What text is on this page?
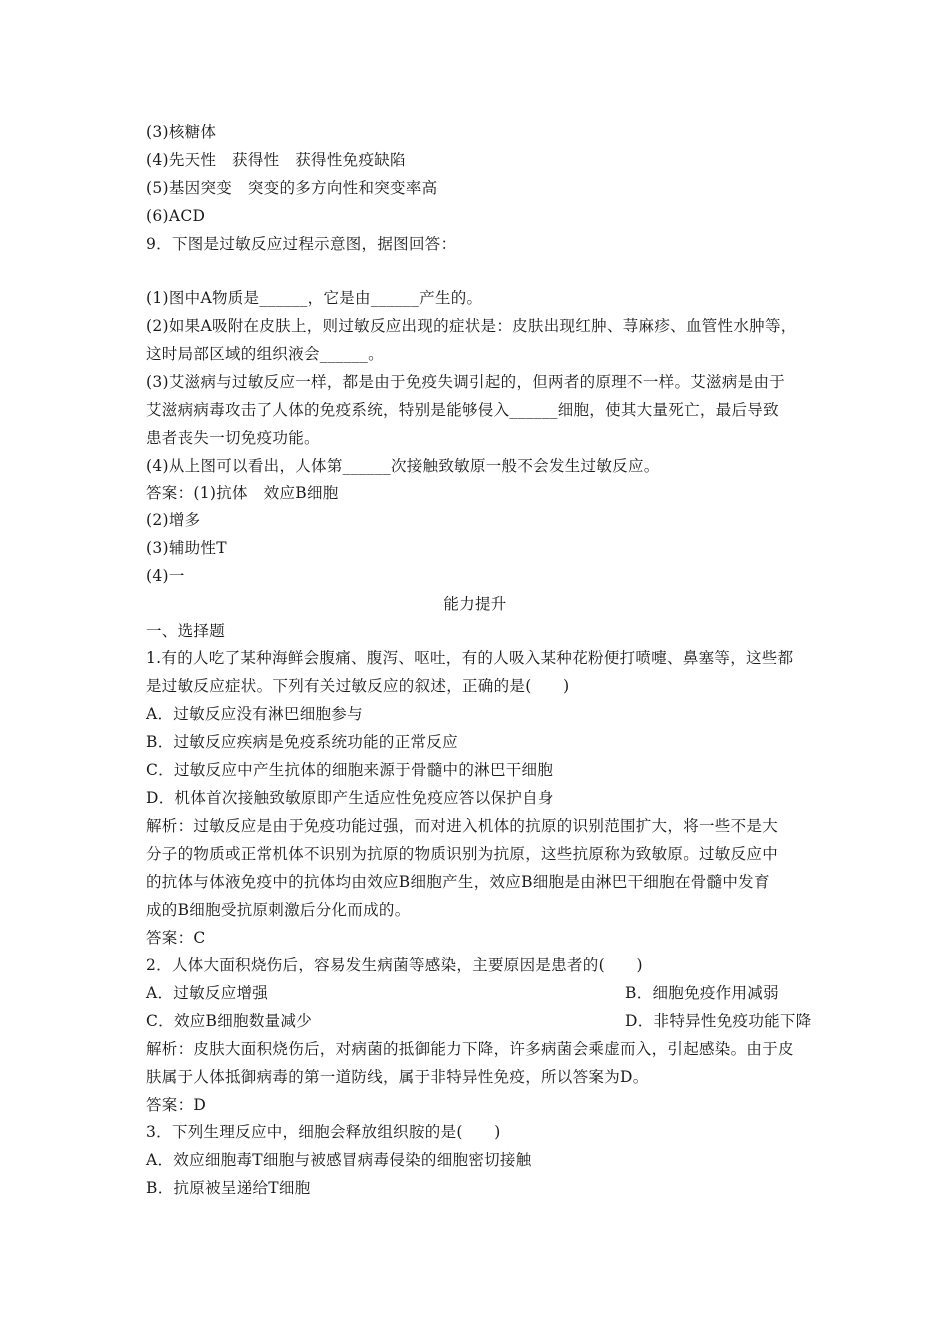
(3)核糖体
(4)先天性　获得性　获得性免疫缺陷
(5)基因突变　突变的多方向性和突变率高
(6)ACD
9．下图是过敏反应过程示意图，据图回答：
(1)图中A物质是______，它是由______产生的。
(2)如果A吸附在皮肤上，则过敏反应出现的症状是：皮肤出现红肿、荨麻疹、血管性水肿等，
这时局部区域的组织液会______。
(3)艾滋病与过敏反应一样，都是由于免疫失调引起的，但两者的原理不一样。艾滋病是由于
艾滋病病毒攻击了人体的免疫系统，特别是能够侵入______细胞，使其大量死亡，最后导致
患者丧失一切免疫功能。
(4)从上图可以看出，人体第______次接触致敏原一般不会发生过敏反应。
答案：(1)抗体　效应B细胞
(2)增多
(3)辅助性T
(4)一
能力提升
一、选择题
1.有的人吃了某种海鲜会腹痛、腹泻、呕吐，有的人吸入某种花粉便打喷嚏、鼻塞等，这些都
是过敏反应症状。下列有关过敏反应的叙述，正确的是(　　)
A．过敏反应没有淋巴细胞参与
B．过敏反应疾病是免疫系统功能的正常反应
C．过敏反应中产生抗体的细胞来源于骨髓中的淋巴干细胞
D．机体首次接触致敏原即产生适应性免疫应答以保护自身
解析：过敏反应是由于免疫功能过强，而对进入机体的抗原的识别范围扩大，将一些不是大
分子的物质或正常机体不识别为抗原的物质识别为抗原，这些抗原称为致敏原。过敏反应中
的抗体与体液免疫中的抗体均由效应B细胞产生，效应B细胞是由淋巴干细胞在骨髓中发育
成的B细胞受抗原刺激后分化而成的。
答案：C
2．人体大面积烧伤后，容易发生病菌等感染，主要原因是患者的(　　)
A．过敏反应增强	B．细胞免疫作用减弱
C．效应B细胞数量减少	D．非特异性免疫功能下降
解析：皮肤大面积烧伤后，对病菌的抵御能力下降，许多病菌会乘虚而入，引起感染。由于皮
肤属于人体抵御病毒的第一道防线，属于非特异性免疫，所以答案为D。
答案：D
3．下列生理反应中，细胞会释放组织胺的是(　　)
A．效应细胞毒T细胞与被感冒病毒侵染的细胞密切接触
B．抗原被呈递给T细胞
